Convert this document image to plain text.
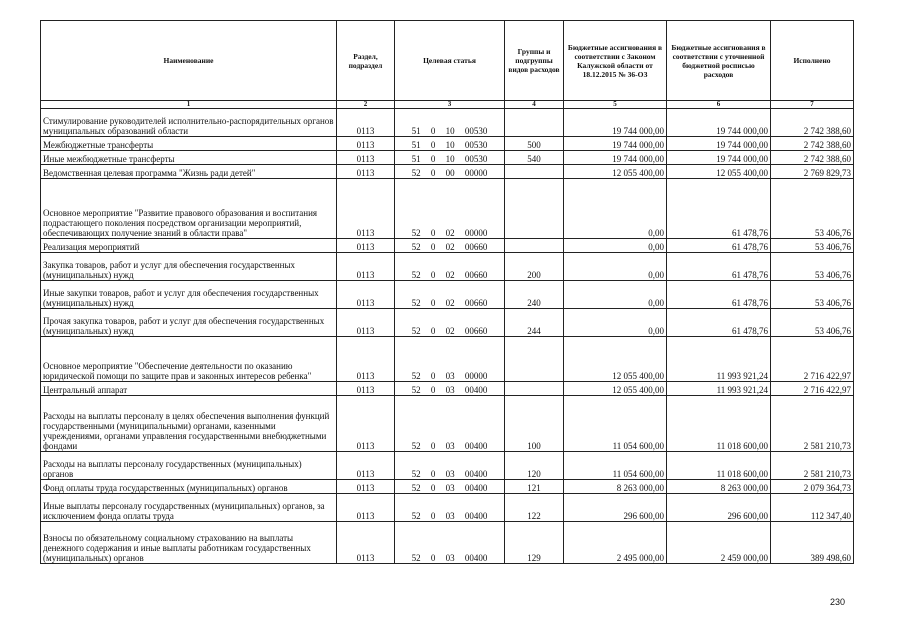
Наименование	Раздел, подраздел	Целевая статья	Группы и подгруппы видов расходов	Бюджетные ассигнования в соответствии с Законом Калужской области от 18.12.2015 № 36-ОЗ	Бюджетные ассигнования в соответствии с уточненной бюджетной росписью расходов	Исполнено
1	2	3	4	5	6	7
Стимулирование руководителей исполнительно-распорядительных органов муниципальных образований области	0113	51 0 10 00530		19 744 000,00	19 744 000,00	2 742 388,60
Межбюджетные трансферты	0113	51 0 10 00530	500	19 744 000,00	19 744 000,00	2 742 388,60
Иные межбюджетные трансферты	0113	51 0 10 00530	540	19 744 000,00	19 744 000,00	2 742 388,60
Ведомственная целевая программа "Жизнь ради детей"	0113	52 0 00 00000		12 055 400,00	12 055 400,00	2 769 829,73
Основное мероприятие "Развитие правового образования и воспитания подрастающего поколения посредством организации мероприятий, обеспечивающих получение знаний в области права"	0113	52 0 02 00000		0,00	61 478,76	53 406,76
Реализация мероприятий	0113	52 0 02 00660		0,00	61 478,76	53 406,76
Закупка товаров, работ и услуг для обеспечения государственных (муниципальных) нужд	0113	52 0 02 00660	200	0,00	61 478,76	53 406,76
Иные закупки товаров, работ и услуг для обеспечения государственных (муниципальных) нужд	0113	52 0 02 00660	240	0,00	61 478,76	53 406,76
Прочая закупка товаров, работ и услуг для обеспечения государственных (муниципальных) нужд	0113	52 0 02 00660	244	0,00	61 478,76	53 406,76
Основное мероприятие "Обеспечение деятельности по оказанию юридической помощи по защите прав и законных интересов ребенка"	0113	52 0 03 00000		12 055 400,00	11 993 921,24	2 716 422,97
Центральный аппарат	0113	52 0 03 00400		12 055 400,00	11 993 921,24	2 716 422,97
Расходы на выплаты персоналу в целях обеспечения выполнения функций государственными (муниципальными) органами, казенными учреждениями, органами управления государственными внебюджетными фондами	0113	52 0 03 00400	100	11 054 600,00	11 018 600,00	2 581 210,73
Расходы на выплаты персоналу государственных (муниципальных) органов	0113	52 0 03 00400	120	11 054 600,00	11 018 600,00	2 581 210,73
Фонд оплаты труда государственных (муниципальных) органов	0113	52 0 03 00400	121	8 263 000,00	8 263 000,00	2 079 364,73
Иные выплаты персоналу государственных (муниципальных) органов, за исключением фонда оплаты труда	0113	52 0 03 00400	122	296 600,00	296 600,00	112 347,40
Взносы по обязательному социальному страхованию на выплаты денежного содержания и иные выплаты работникам государственных (муниципальных) органов	0113	52 0 03 00400	129	2 495 000,00	2 459 000,00	389 498,60
230
